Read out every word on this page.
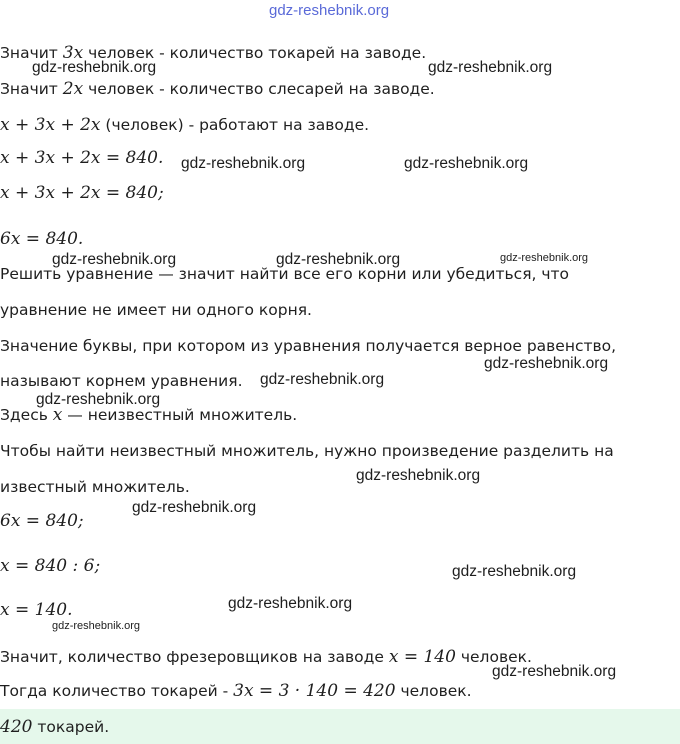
gdz-reshebnik.org
gdz-reshebnik.org	gdz-reshebnik.org
gdz-reshebnik.org	gdz-reshebnik.org
gdz-reshebnik.org	gdz-reshebnik.org	gdz-reshebnik.org
gdz-reshebnik.org
gdz-reshebnik.org
gdz-reshebnik.org
gdz-reshebnik.org
gdz-reshebnik.org
gdz-reshebnik.org
gdz-reshebnik.org
gdz-reshebnik.org
gdz-reshebnik.org
Значит 3x человек - количество токарей на заводе.
Значит 2x человек - количество слесарей на заводе.
x + 3x + 2x (человек) - работают на заводе.
x + 3x + 2x = 840.
x + 3x + 2x = 840;
6x = 840.
Решить уравнение — значит найти все его корни или убедиться, что
уравнение не имеет ни одного корня.
Значение буквы, при котором из уравнения получается верное равенство,
называют корнем уравнения.
Здесь x — неизвестный множитель.
Чтобы найти неизвестный множитель, нужно произведение разделить на
известный множитель.
6x = 840;
x = 840 : 6;
x = 140.
Значит, количество фрезеровщиков на заводе x = 140 человек.
Тогда количество токарей - 3x = 3 · 140 = 420 человек.
420 токарей.
